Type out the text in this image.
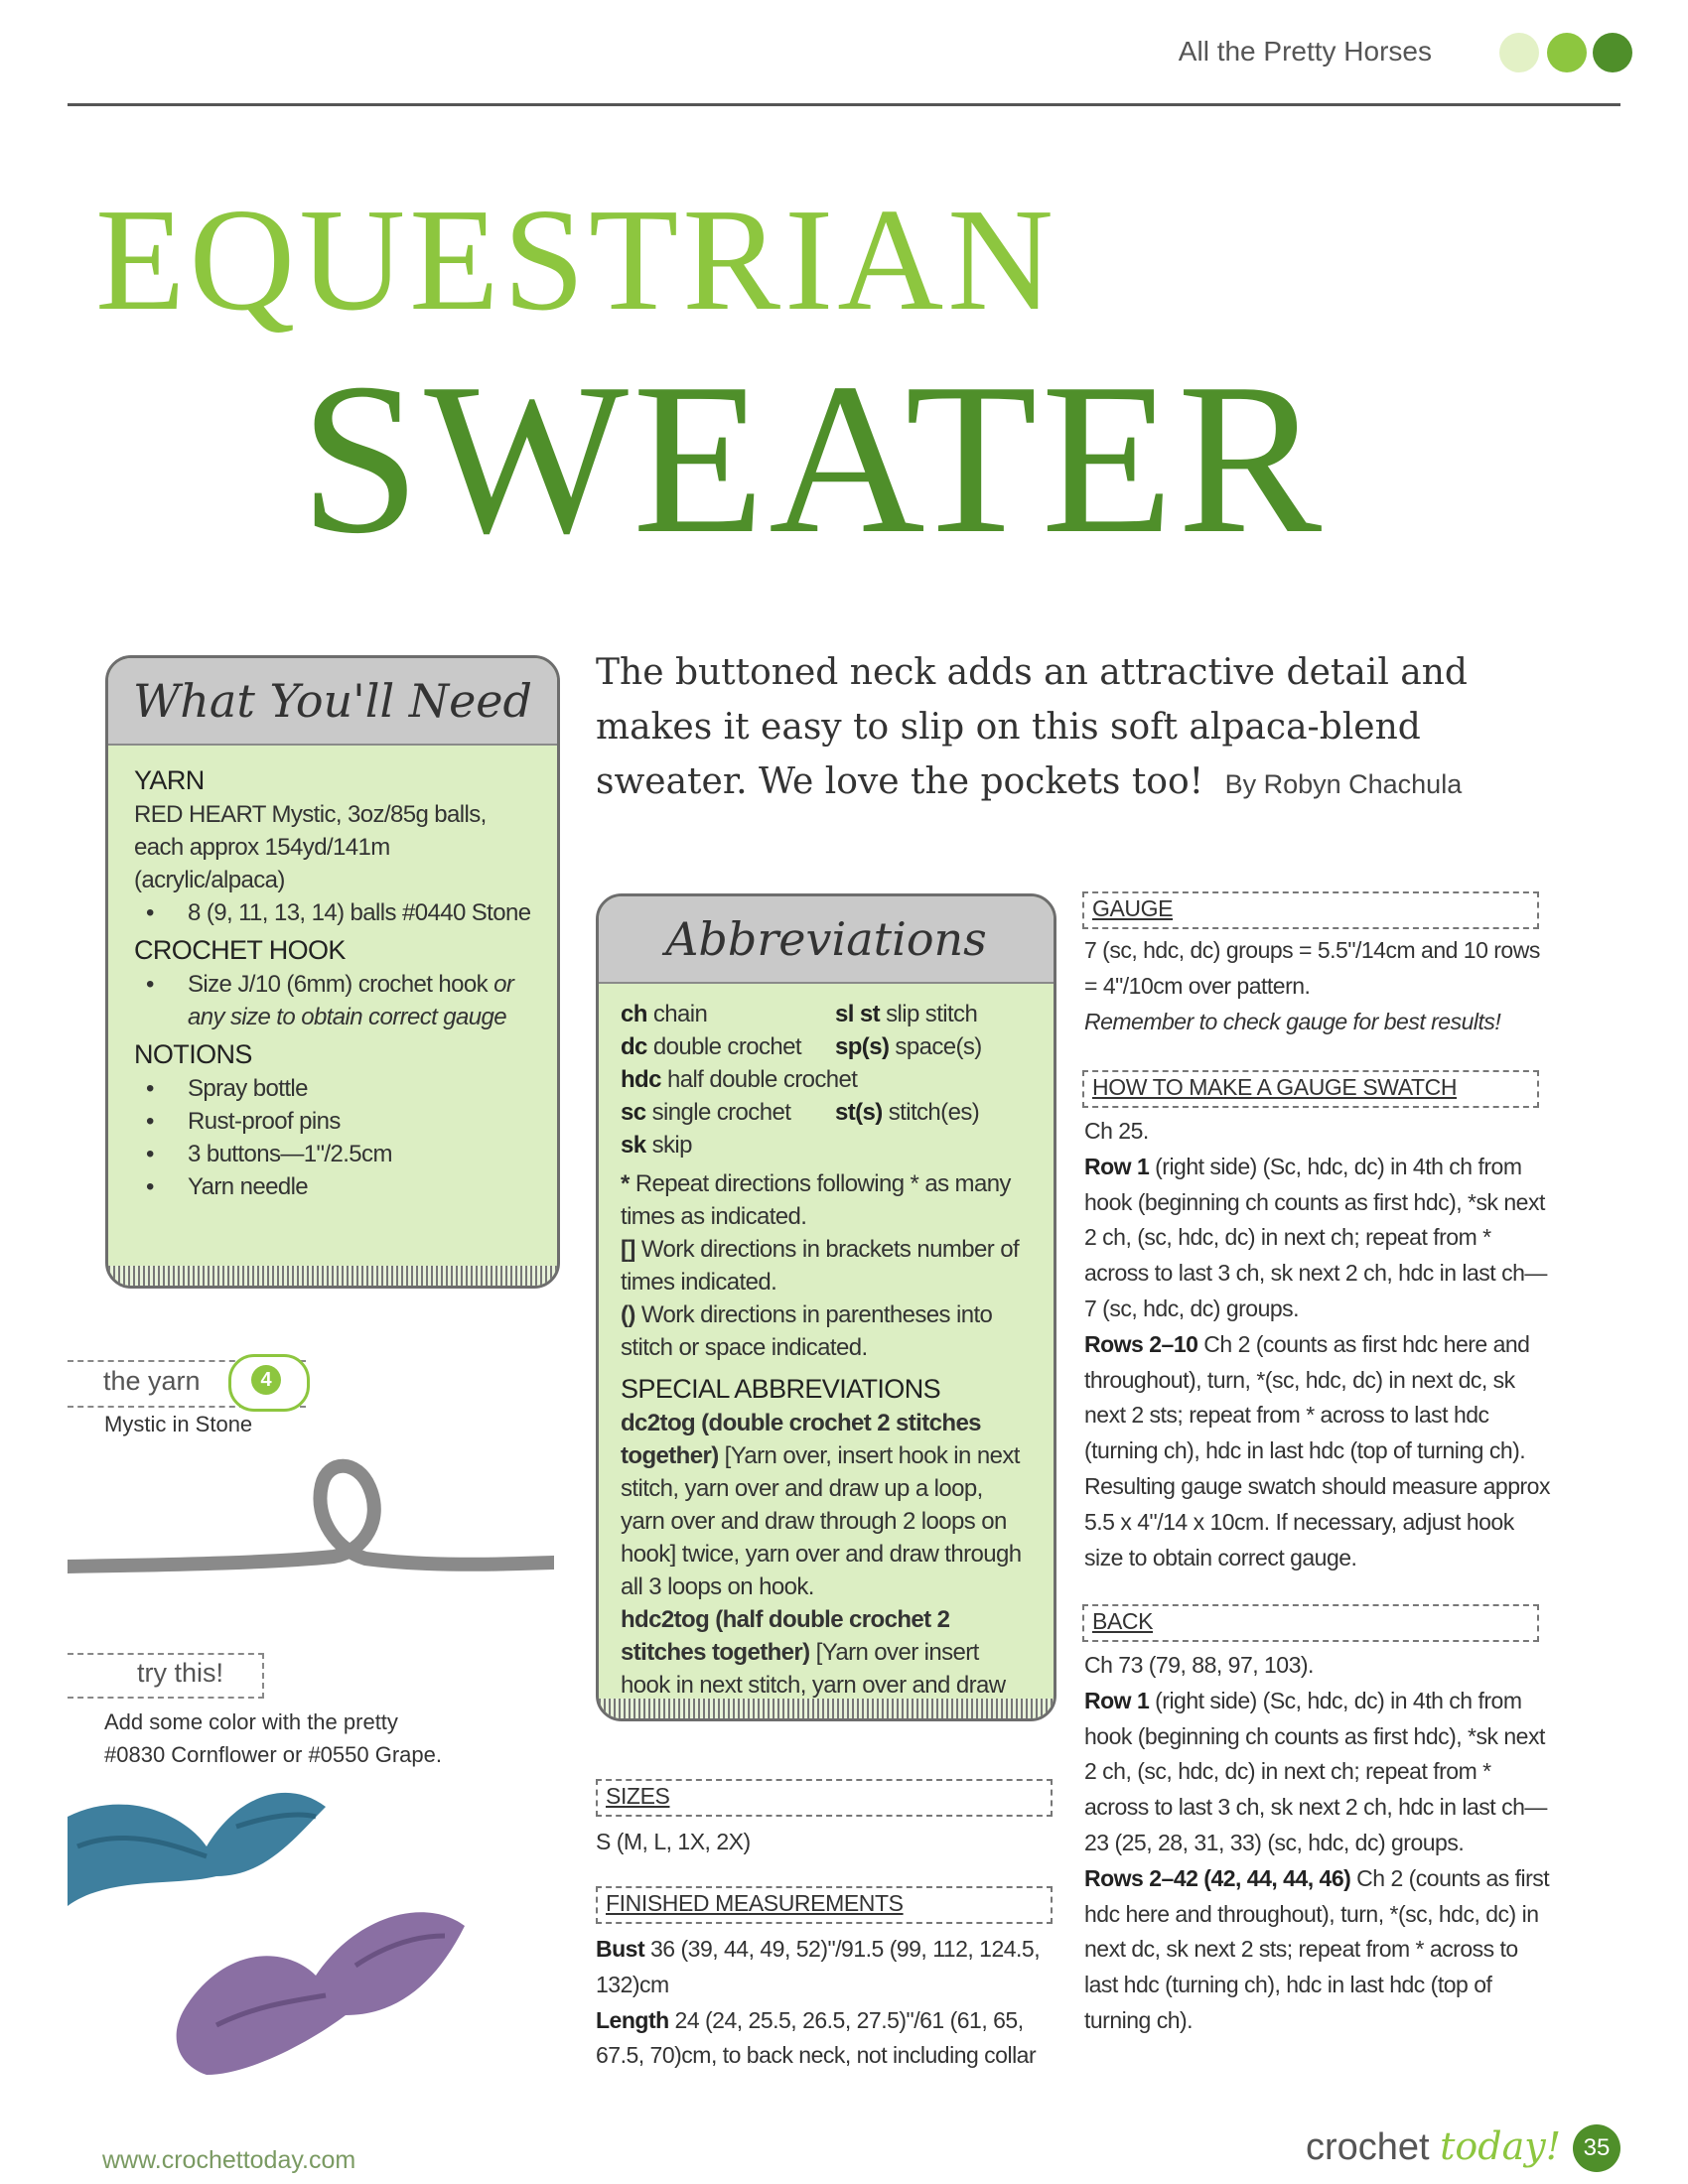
All the Pretty Horses
EQUESTRIAN
SWEATER
The buttoned neck adds an attractive detail and makes it easy to slip on this soft alpaca-blend sweater. We love the pockets too! By Robyn Chachula
What You'll Need
YARN
RED HEART Mystic, 3oz/85g balls, each approx 154yd/141m (acrylic/alpaca)
• 8 (9, 11, 13, 14) balls #0440 Stone
CROCHET HOOK
• Size J/10 (6mm) crochet hook or any size to obtain correct gauge
NOTIONS
• Spray bottle
• Rust-proof pins
• 3 buttons—1"/2.5cm
• Yarn needle
the yarn	4
Mystic in Stone
try this!
Add some color with the pretty #0830 Cornflower or #0550 Grape.
Abbreviations
ch chain	sl st slip stitch
dc double crochet	sp(s) space(s)
hdc half double crochet
sc single crochet	st(s) stitch(es)
sk skip
* Repeat directions following * as many times as indicated.
[] Work directions in brackets number of times indicated.
() Work directions in parentheses into stitch or space indicated.
SPECIAL ABBREVIATIONS
dc2tog (double crochet 2 stitches together) [Yarn over, insert hook in next stitch, yarn over and draw up a loop, yarn over and draw through 2 loops on hook] twice, yarn over and draw through all 3 loops on hook.
hdc2tog (half double crochet 2 stitches together) [Yarn over insert hook in next stitch, yarn over and draw
SIZES
S (M, L, 1X, 2X)
FINISHED MEASUREMENTS
Bust 36 (39, 44, 49, 52)"/91.5 (99, 112, 124.5, 132)cm
Length 24 (24, 25.5, 26.5, 27.5)"/61 (61, 65, 67.5, 70)cm, to back neck, not including collar
GAUGE
7 (sc, hdc, dc) groups = 5.5"/14cm and 10 rows = 4"/10cm over pattern.
Remember to check gauge for best results!
HOW TO MAKE A GAUGE SWATCH
Ch 25.
Row 1 (right side) (Sc, hdc, dc) in 4th ch from hook (beginning ch counts as first hdc), *sk next 2 ch, (sc, hdc, dc) in next ch; repeat from * across to last 3 ch, sk next 2 ch, hdc in last ch—7 (sc, hdc, dc) groups.
Rows 2–10 Ch 2 (counts as first hdc here and throughout), turn, *(sc, hdc, dc) in next dc, sk next 2 sts; repeat from * across to last hdc (turning ch), hdc in last hdc (top of turning ch). Resulting gauge swatch should measure approx 5.5 x 4"/14 x 10cm. If necessary, adjust hook size to obtain correct gauge.
BACK
Ch 73 (79, 88, 97, 103).
Row 1 (right side) (Sc, hdc, dc) in 4th ch from hook (beginning ch counts as first hdc), *sk next 2 ch, (sc, hdc, dc) in next ch; repeat from * across to last 3 ch, sk next 2 ch, hdc in last ch—23 (25, 28, 31, 33) (sc, hdc, dc) groups.
Rows 2–42 (42, 44, 44, 46) Ch 2 (counts as first hdc here and throughout), turn, *(sc, hdc, dc) in next dc, sk next 2 sts; repeat from * across to last hdc (turning ch), hdc in last hdc (top of turning ch).
www.crochettoday.com	crochet today! 35
